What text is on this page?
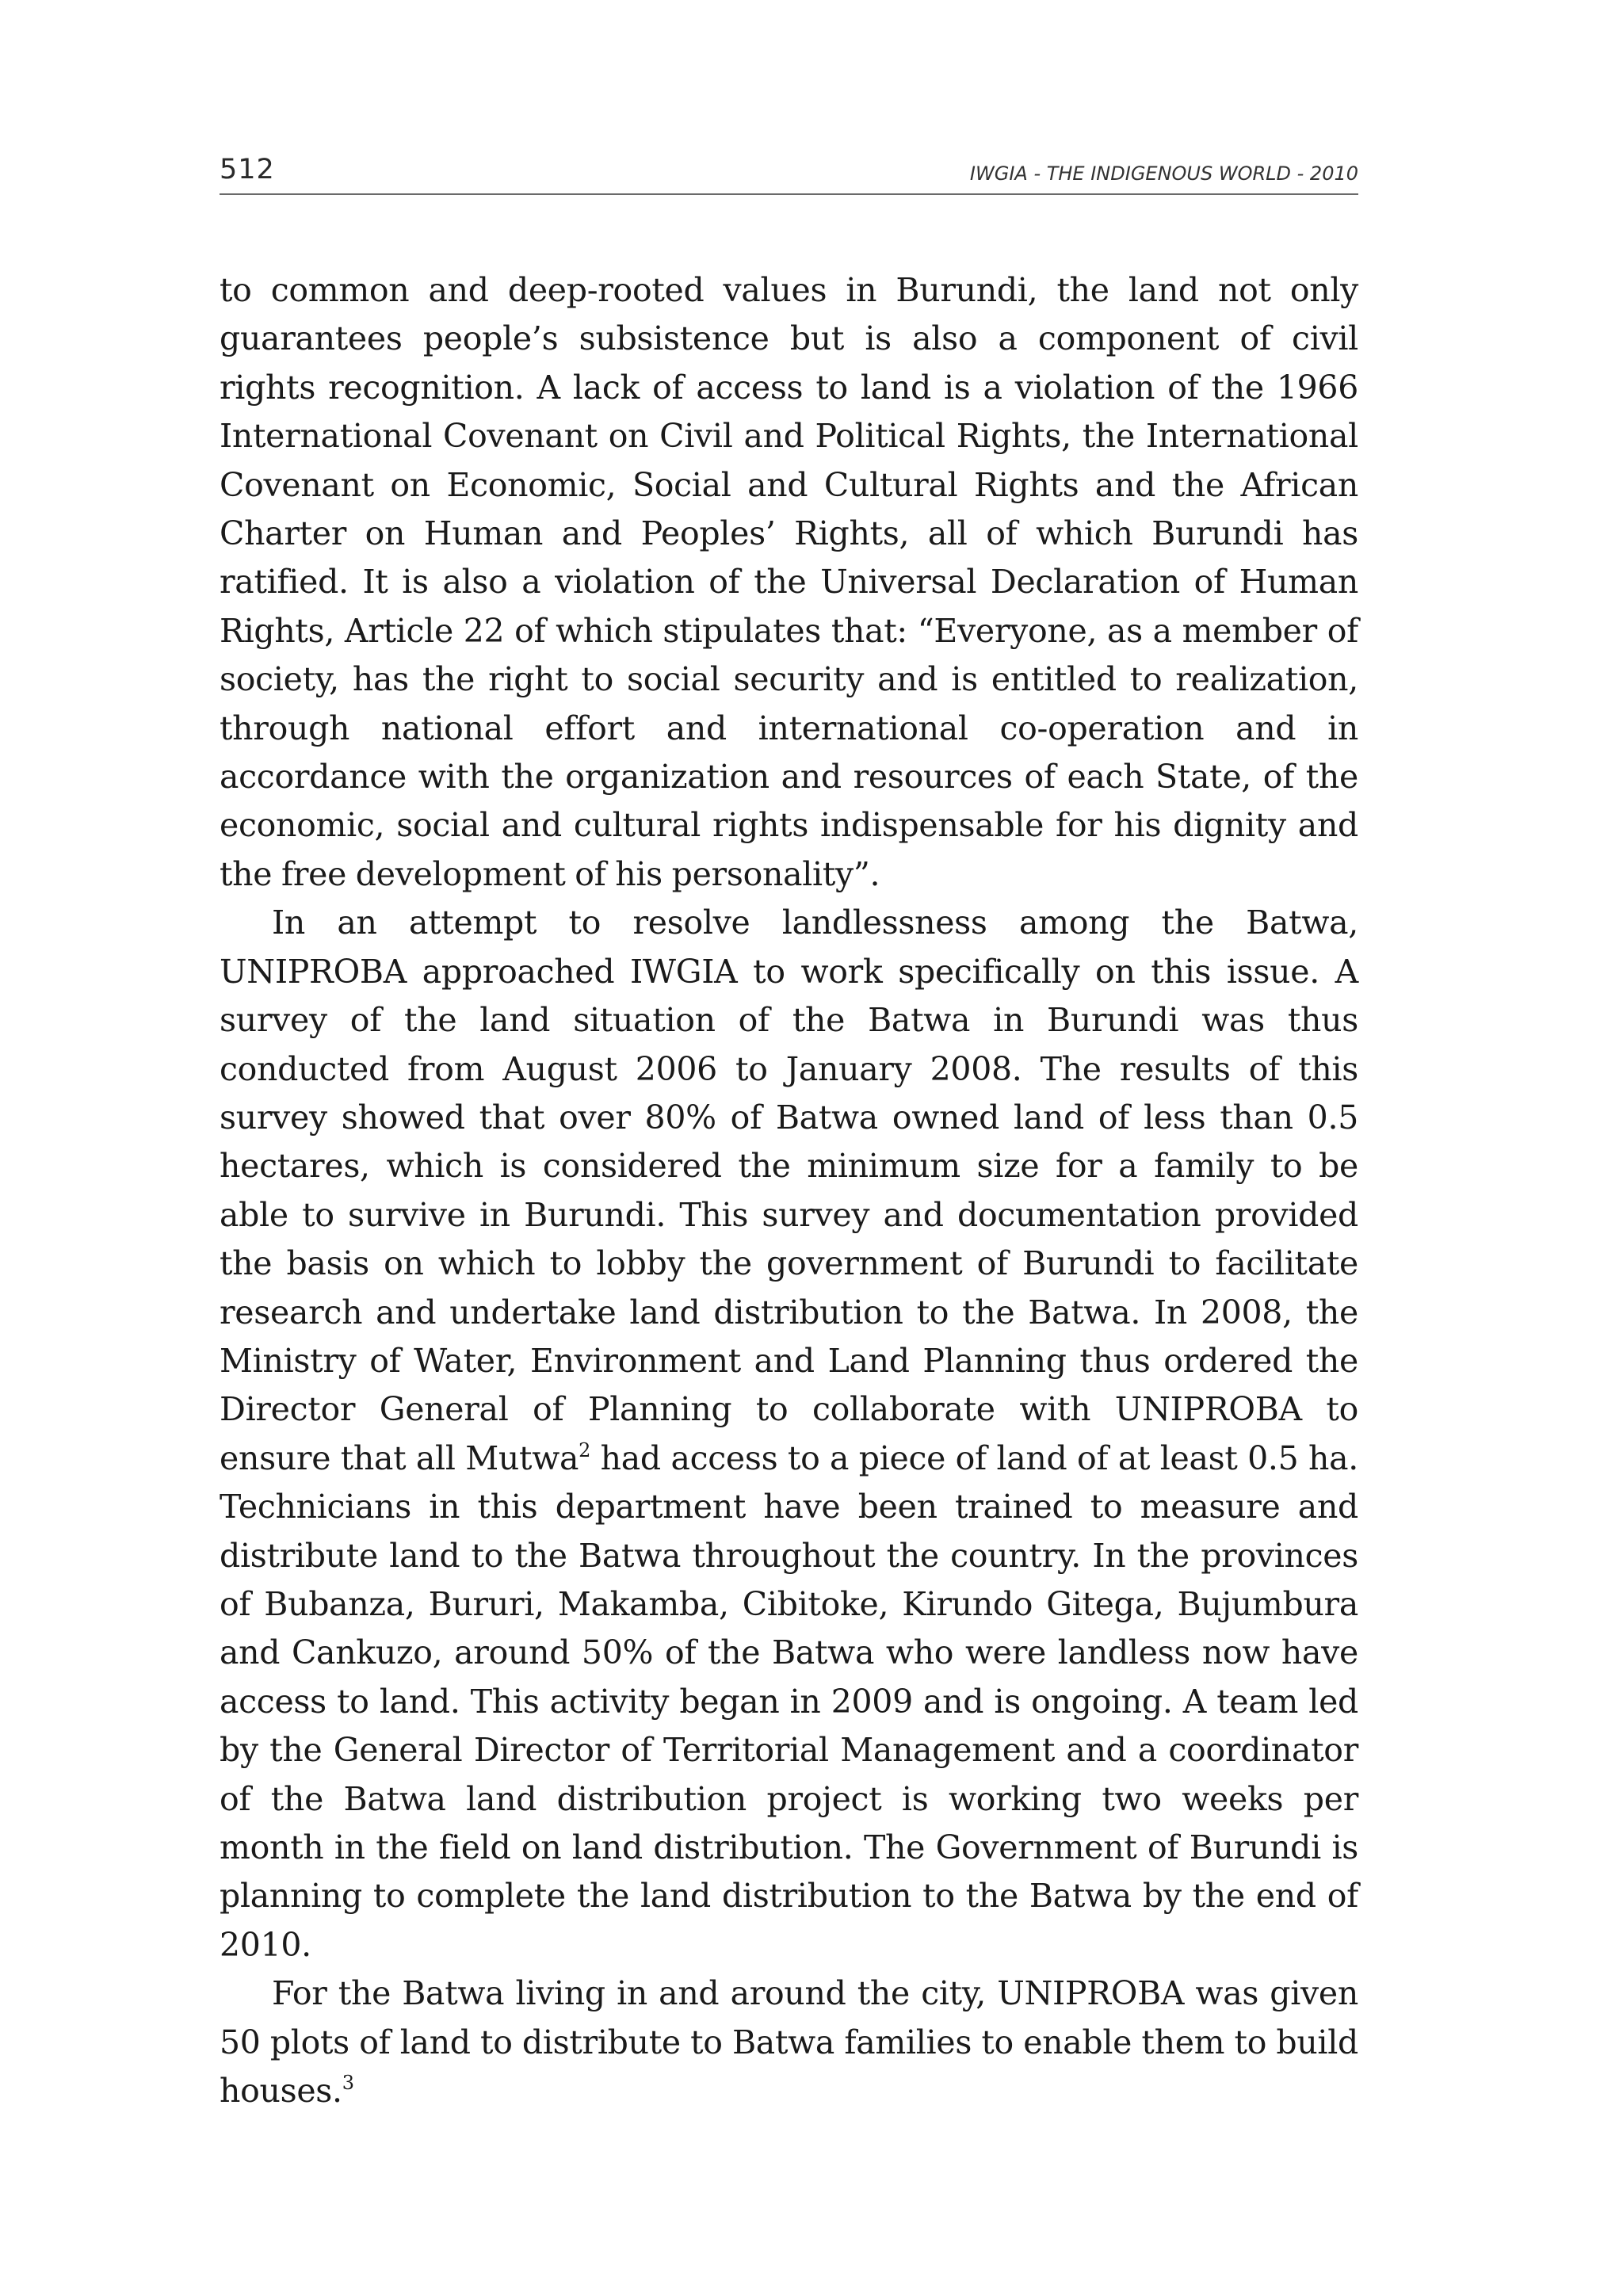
512	IWGIA - THE INDIGENOUS WORLD - 2010

to common and deep-rooted values in Burundi, the land not only guarantees people’s subsistence but is also a component of civil rights recognition. A lack of access to land is a violation of the 1966 International Covenant on Civil and Political Rights, the International Covenant on Economic, Social and Cultural Rights and the African Charter on Human and Peoples’ Rights, all of which Burundi has ratified. It is also a violation of the Universal Declaration of Human Rights, Article 22 of which stipulates that: “Everyone, as a member of society, has the right to social security and is entitled to realization, through national effort and international co-operation and in accordance with the organization and resources of each State, of the economic, social and cultural rights indispensable for his dignity and the free development of his personality”.

In an attempt to resolve landlessness among the Batwa, UNIPROBA approached IWGIA to work specifically on this issue. A survey of the land situation of the Batwa in Burundi was thus conducted from August 2006 to January 2008. The results of this survey showed that over 80% of Batwa owned land of less than 0.5 hectares, which is considered the minimum size for a family to be able to survive in Burundi. This survey and documentation provided the basis on which to lobby the government of Burundi to facilitate research and undertake land distribution to the Batwa. In 2008, the Ministry of Water, Environment and Land Planning thus ordered the Director General of Planning to collaborate with UNIPROBA to ensure that all Mutwa$^2$ had access to a piece of land of at least 0.5 ha. Technicians in this department have been trained to measure and distribute land to the Batwa throughout the country. In the provinces of Bubanza, Bururi, Makamba, Cibitoke, Kirundo Gitega, Bujumbura and Cankuzo, around 50% of the Batwa who were landless now have access to land. This activity began in 2009 and is ongoing. A team led by the General Director of Territorial Management and a coordinator of the Batwa land distribution project is working two weeks per month in the field on land distribution. The Government of Burundi is planning to complete the land distribution to the Batwa by the end of 2010.

For the Batwa living in and around the city, UNIPROBA was given 50 plots of land to distribute to Batwa families to enable them to build houses.$^3$
